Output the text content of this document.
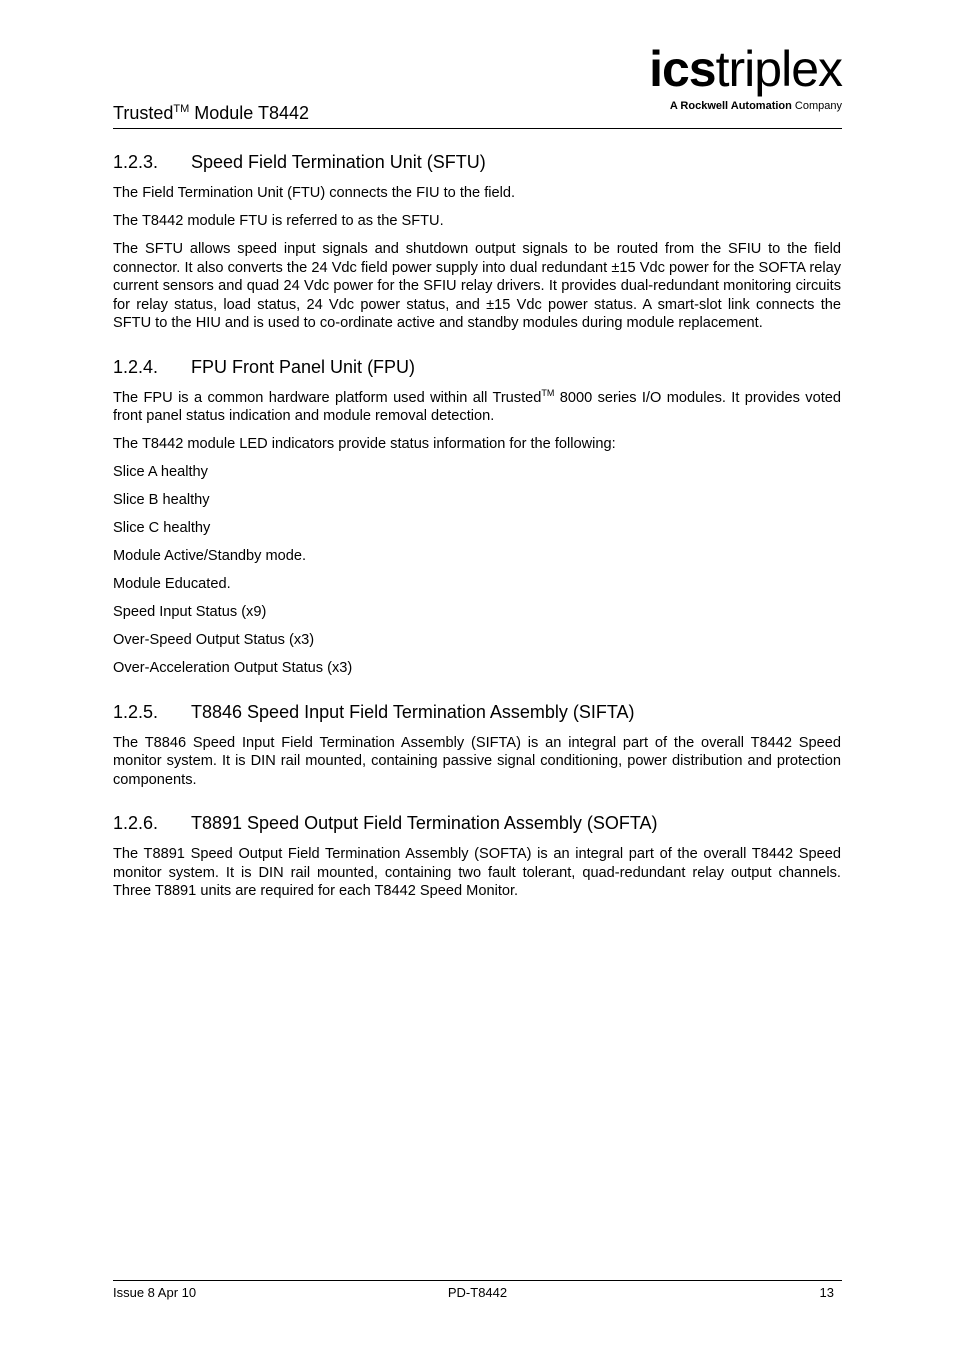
Trusted™ Module T8442
icstriplex
A Rockwell Automation Company
1.2.3. Speed Field Termination Unit (SFTU)

The Field Termination Unit (FTU) connects the FIU to the field.

The T8442 module FTU is referred to as the SFTU.

The SFTU allows speed input signals and shutdown output signals to be routed from the SFIU to the field connector. It also converts the 24 Vdc field power supply into dual redundant ±15 Vdc power for the SOFTA relay current sensors and quad 24 Vdc power for the SFIU relay drivers. It provides dual-redundant monitoring circuits for relay status, load status, 24 Vdc power status, and ±15 Vdc power status. A smart-slot link connects the SFTU to the HIU and is used to co-ordinate active and standby modules during module replacement.

1.2.4. FPU Front Panel Unit (FPU)

The FPU is a common hardware platform used within all Trusted™ 8000 series I/O modules. It provides voted front panel status indication and module removal detection.

The T8442 module LED indicators provide status information for the following:

Slice A healthy

Slice B healthy

Slice C healthy

Module Active/Standby mode.

Module Educated.

Speed Input Status (x9)

Over-Speed Output Status (x3)

Over-Acceleration Output Status (x3)

1.2.5. T8846 Speed Input Field Termination Assembly (SIFTA)

The T8846 Speed Input Field Termination Assembly (SIFTA) is an integral part of the overall T8442 Speed monitor system. It is DIN rail mounted, containing passive signal conditioning, power distribution and protection components.

1.2.6. T8891 Speed Output Field Termination Assembly (SOFTA)

The T8891 Speed Output Field Termination Assembly (SOFTA) is an integral part of the overall T8442 Speed monitor system. It is DIN rail mounted, containing two fault tolerant, quad-redundant relay output channels. Three T8891 units are required for each T8442 Speed Monitor.

Issue 8 Apr 10	PD-T8442	13
